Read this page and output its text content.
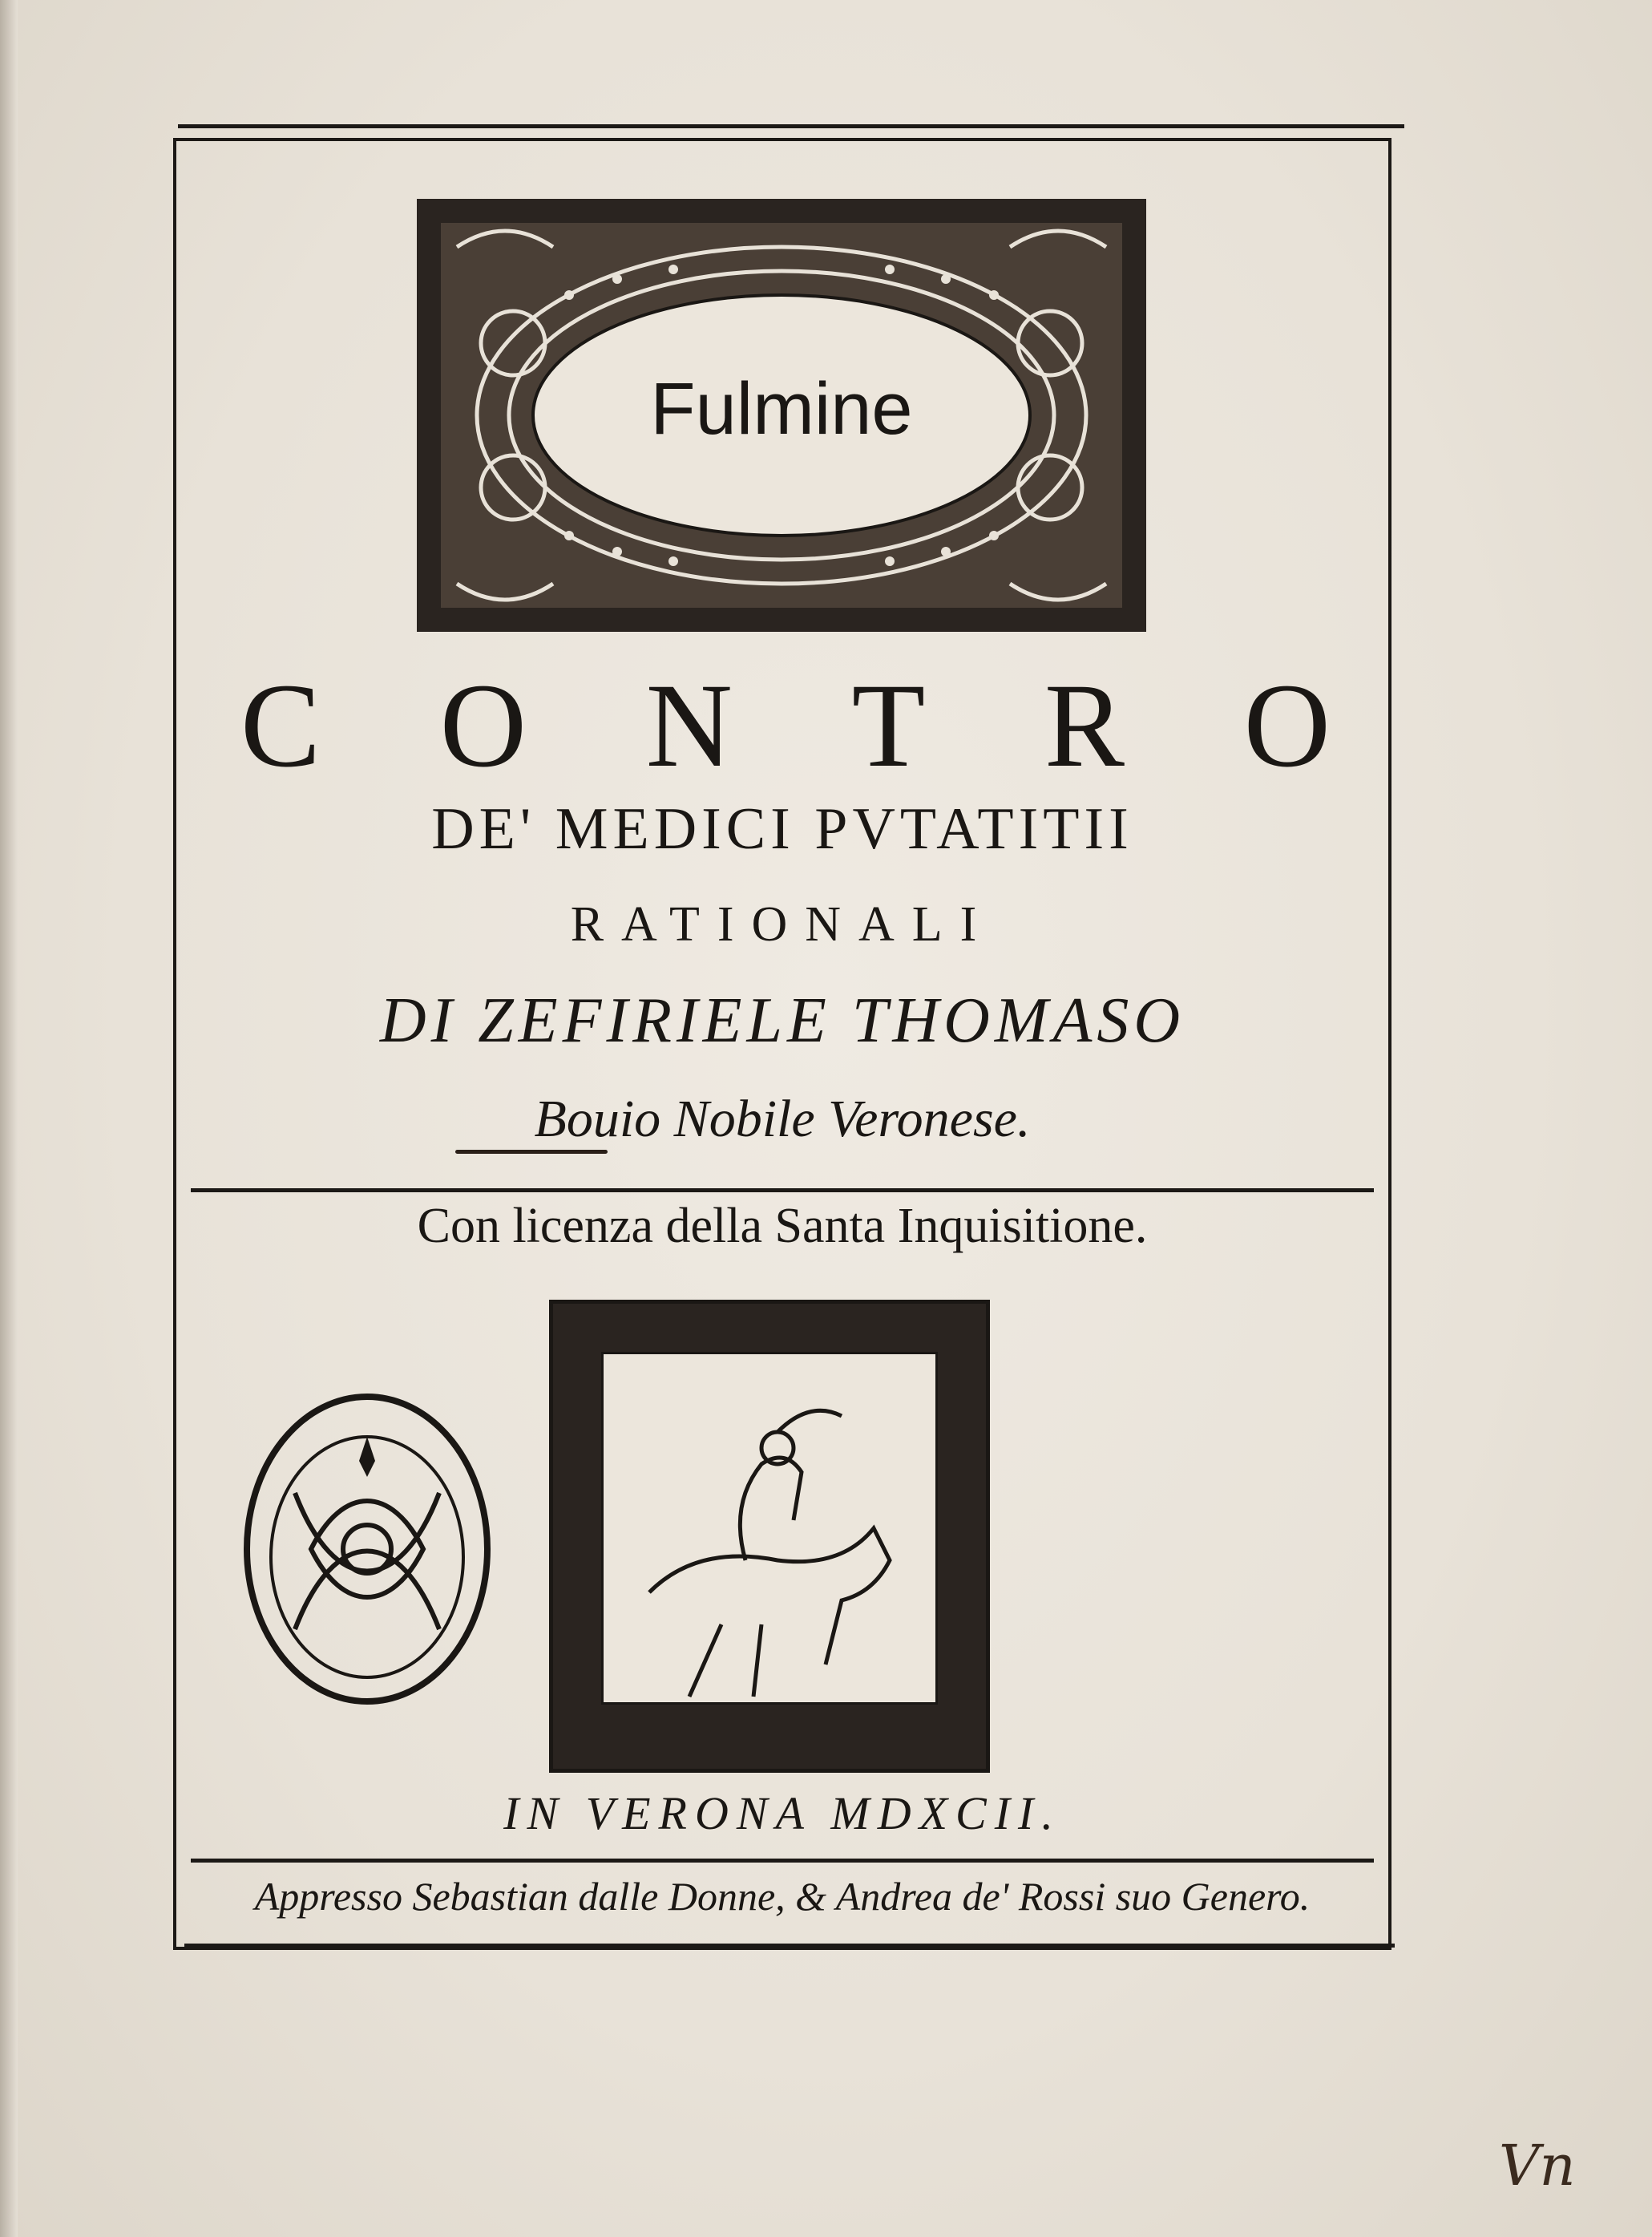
Fulmine
C O N T R O
DE' MEDICI PVTATITII
RATIONALI
DI ZEFIRIELE THOMASO
Bouio Nobile Veronese.
Con licenza della Santa Inquisitione.
IN VERONA MDXCII.
Appresso Sebastian dalle Donne, & Andrea de' Rossi suo Genero.
Vn
